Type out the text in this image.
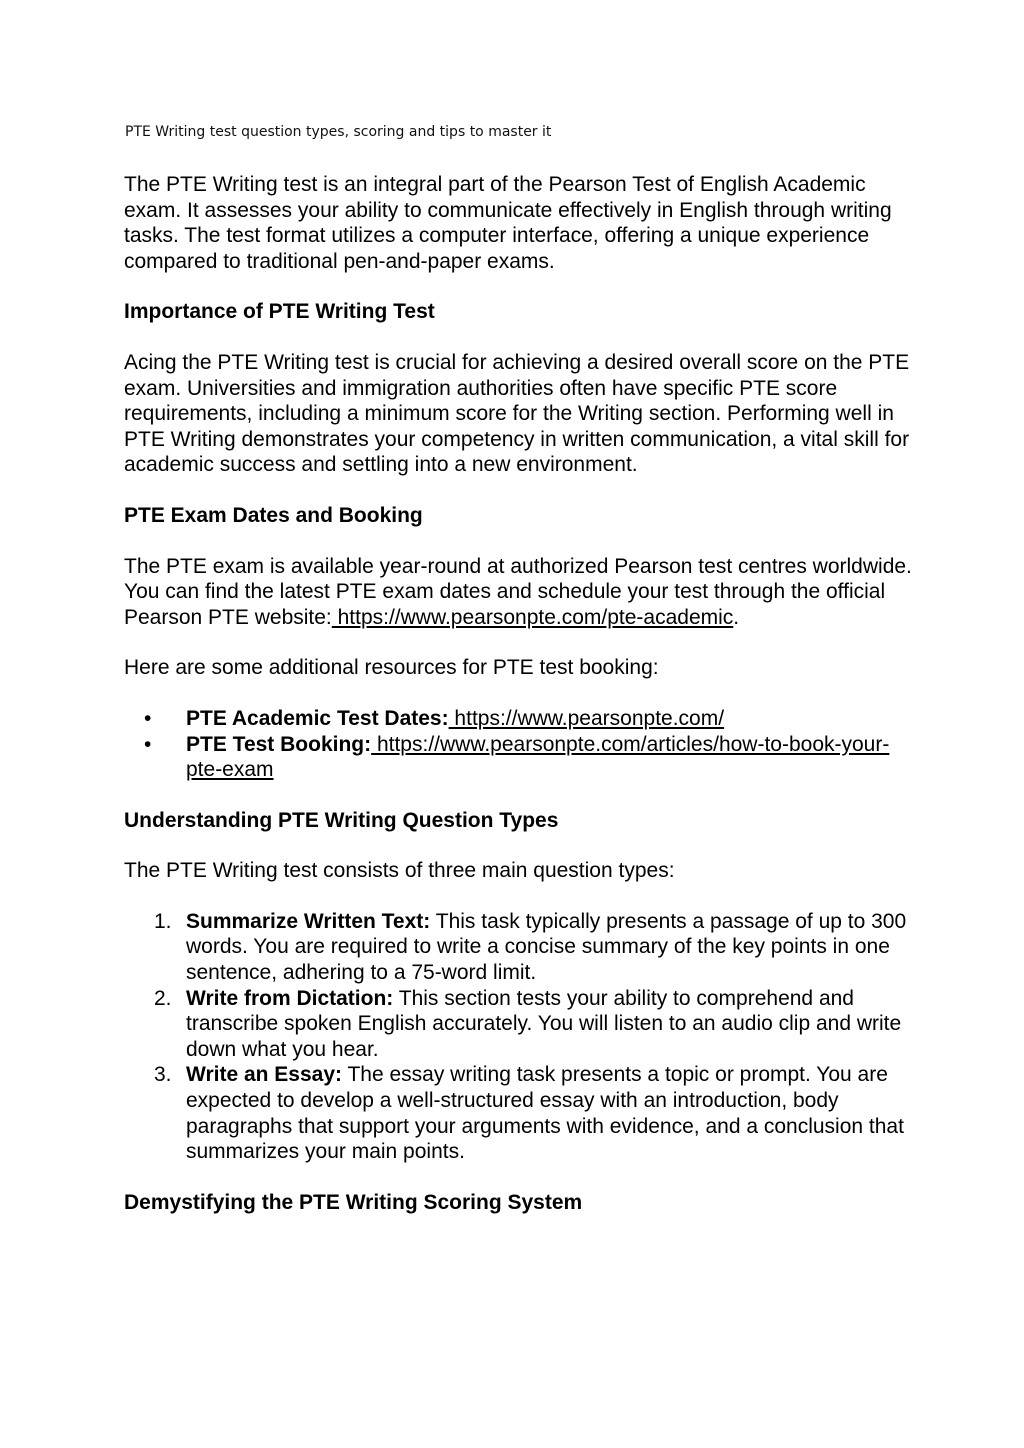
PTE Writing test question types, scoring and tips to master it

The PTE Writing test is an integral part of the Pearson Test of English Academic exam. It assesses your ability to communicate effectively in English through writing tasks. The test format utilizes a computer interface, offering a unique experience compared to traditional pen-and-paper exams.

Importance of PTE Writing Test

Acing the PTE Writing test is crucial for achieving a desired overall score on the PTE exam. Universities and immigration authorities often have specific PTE score requirements, including a minimum score for the Writing section. Performing well in PTE Writing demonstrates your competency in written communication, a vital skill for academic success and settling into a new environment.

PTE Exam Dates and Booking

The PTE exam is available year-round at authorized Pearson test centres worldwide. You can find the latest PTE exam dates and schedule your test through the official Pearson PTE website: https://www.pearsonpte.com/pte-academic.

Here are some additional resources for PTE test booking:

• PTE Academic Test Dates: https://www.pearsonpte.com/
• PTE Test Booking: https://www.pearsonpte.com/articles/how-to-book-your-pte-exam
Understanding PTE Writing Question Types

The PTE Writing test consists of three main question types:

1. Summarize Written Text: This task typically presents a passage of up to 300 words. You are required to write a concise summary of the key points in one sentence, adhering to a 75-word limit.
2. Write from Dictation: This section tests your ability to comprehend and transcribe spoken English accurately. You will listen to an audio clip and write down what you hear.
3. Write an Essay: The essay writing task presents a topic or prompt. You are expected to develop a well-structured essay with an introduction, body paragraphs that support your arguments with evidence, and a conclusion that summarizes your main points.
Demystifying the PTE Writing Scoring System
